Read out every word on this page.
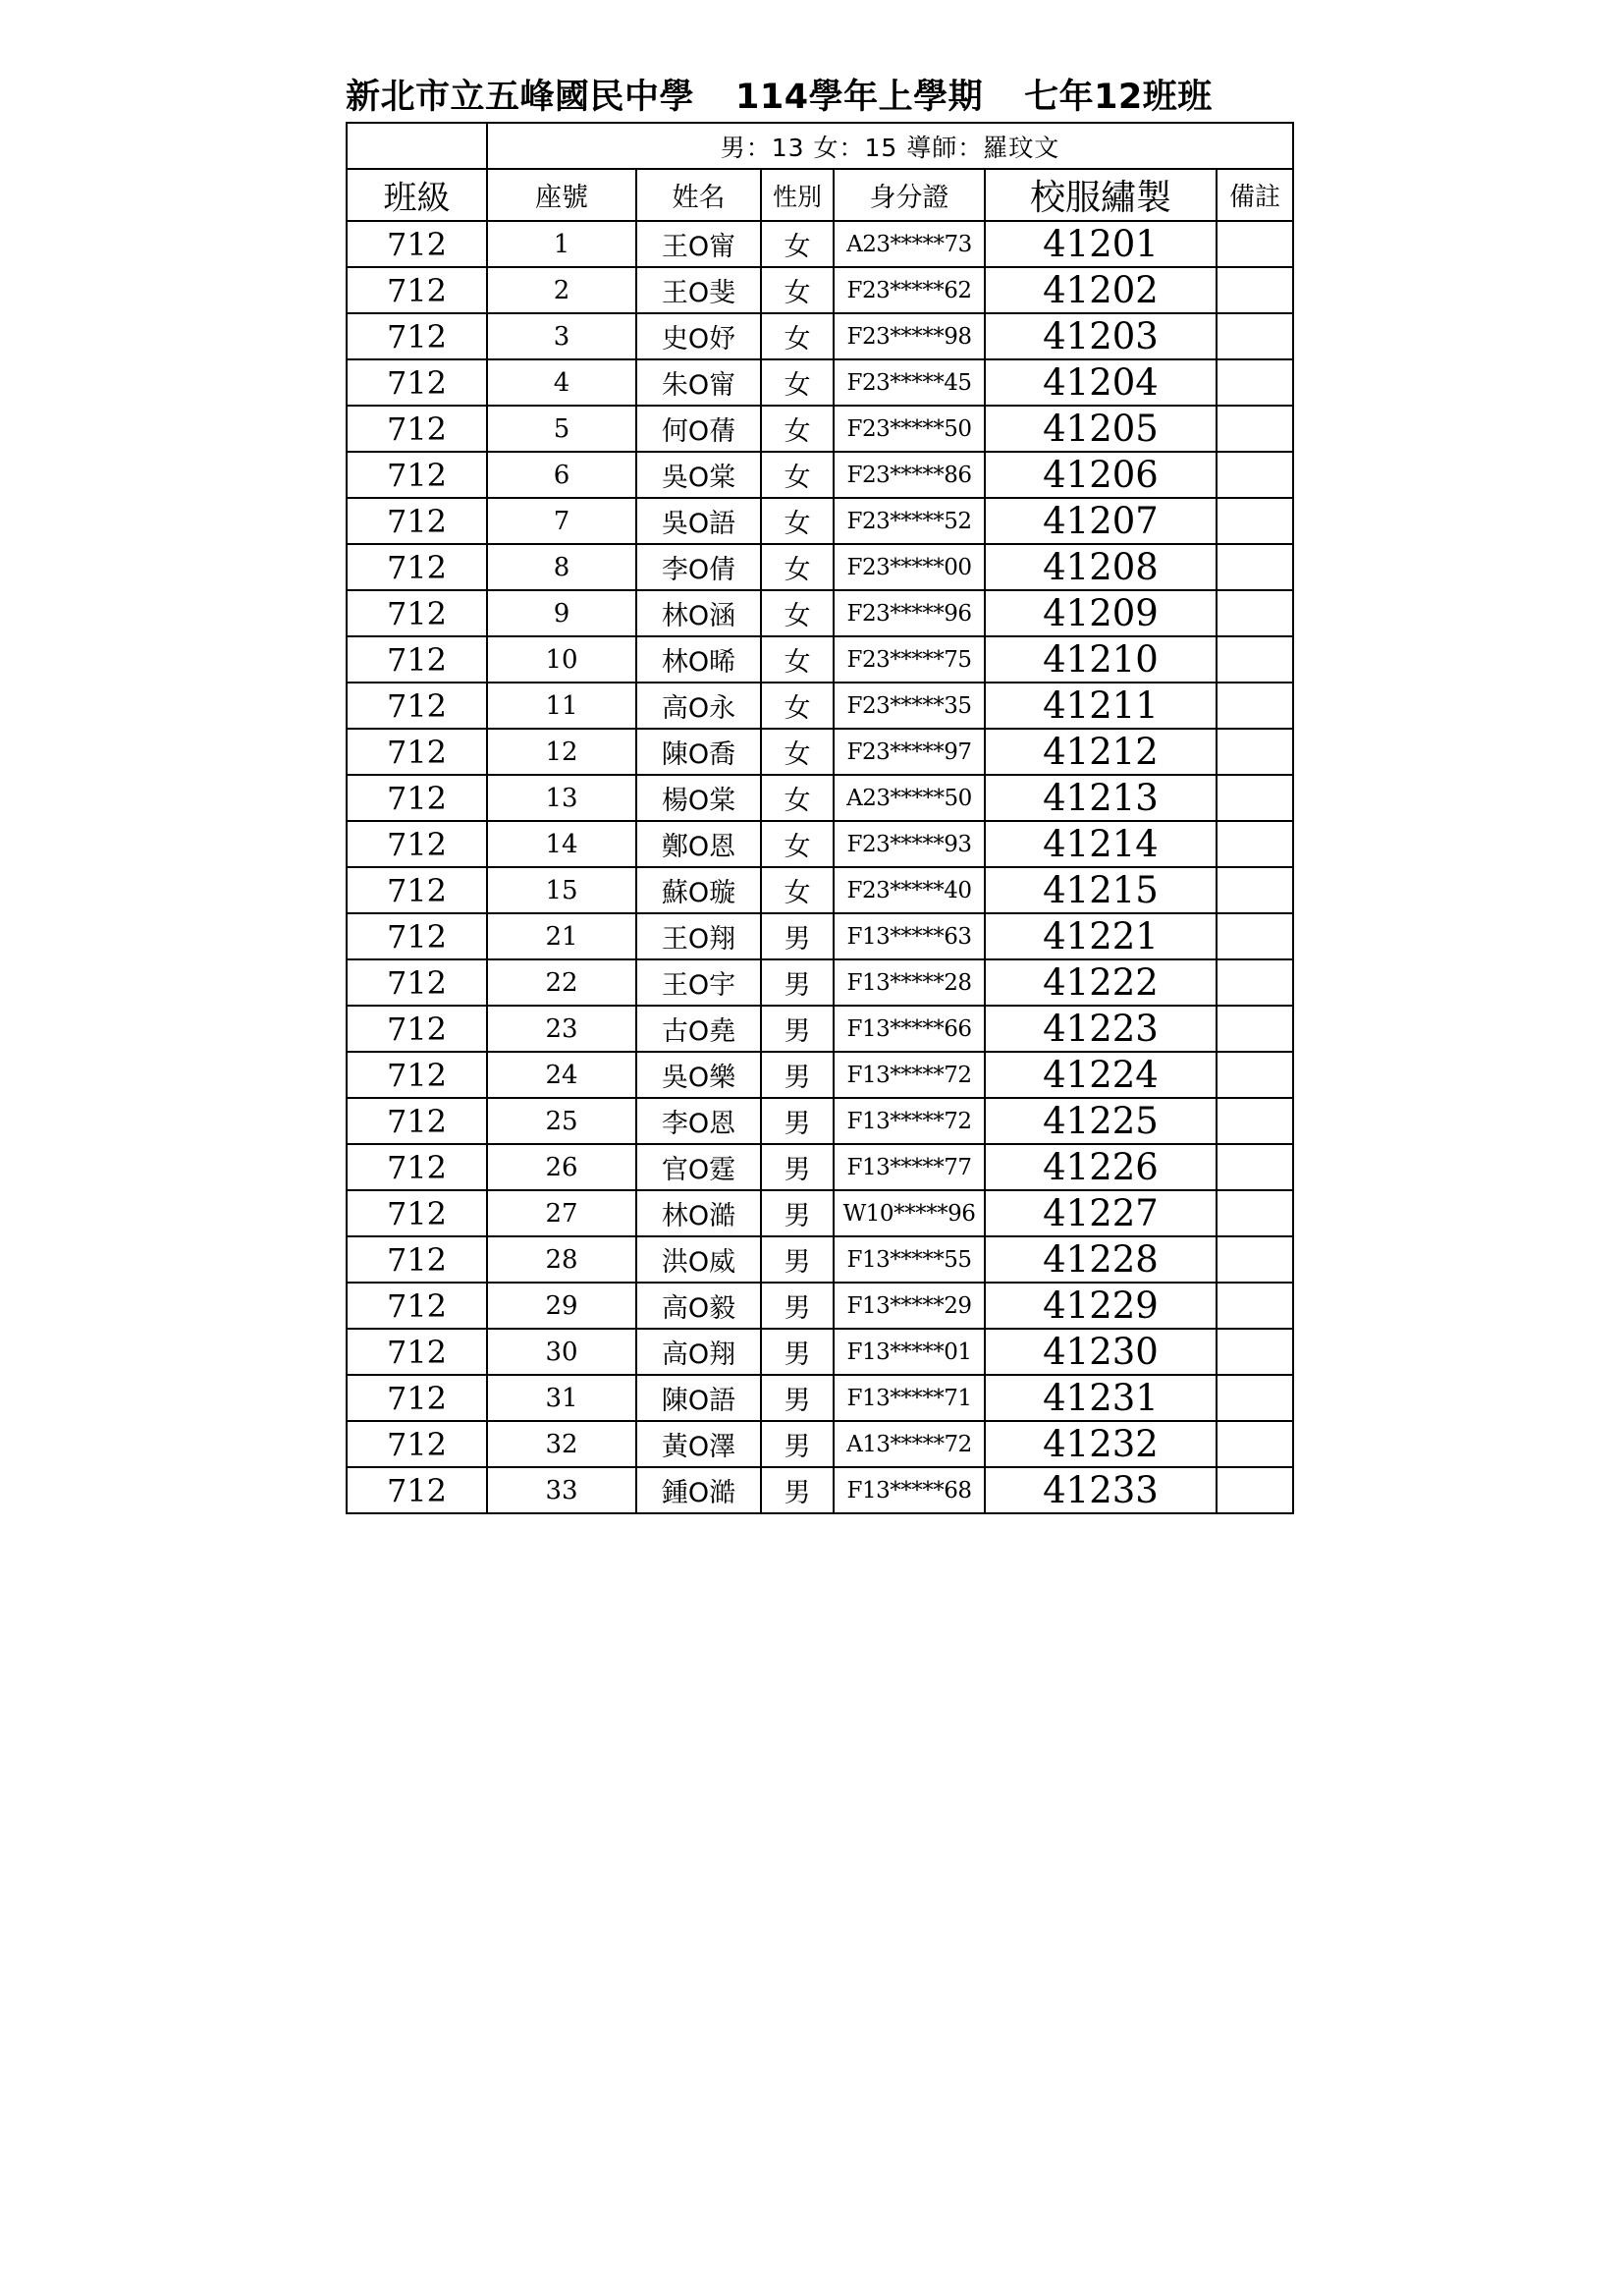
新北市立五峰國民中學 114學年上學期 七年12班班
	男：13 女：15 導師：羅玟文					
班級	座號	姓名	性別	身分證	校服繡製	備註
712	1	王O甯	女	A23*****73	41201	
712	2	王O斐	女	F23*****62	41202	
712	3	史O妤	女	F23*****98	41203	
712	4	朱O甯	女	F23*****45	41204	
712	5	何O蒨	女	F23*****50	41205	
712	6	吳O棠	女	F23*****86	41206	
712	7	吳O語	女	F23*****52	41207	
712	8	李O倩	女	F23*****00	41208	
712	9	林O涵	女	F23*****96	41209	
712	10	林O晞	女	F23*****75	41210	
712	11	高O永	女	F23*****35	41211	
712	12	陳O喬	女	F23*****97	41212	
712	13	楊O棠	女	A23*****50	41213	
712	14	鄭O恩	女	F23*****93	41214	
712	15	蘇O璇	女	F23*****40	41215	
712	21	王O翔	男	F13*****63	41221	
712	22	王O宇	男	F13*****28	41222	
712	23	古O堯	男	F13*****66	41223	
712	24	吳O樂	男	F13*****72	41224	
712	25	李O恩	男	F13*****72	41225	
712	26	官O霆	男	F13*****77	41226	
712	27	林O澔	男	W10*****96	41227	
712	28	洪O威	男	F13*****55	41228	
712	29	高O毅	男	F13*****29	41229	
712	30	高O翔	男	F13*****01	41230	
712	31	陳O語	男	F13*****71	41231	
712	32	黃O澤	男	A13*****72	41232	
712	33	鍾O澔	男	F13*****68	41233	
